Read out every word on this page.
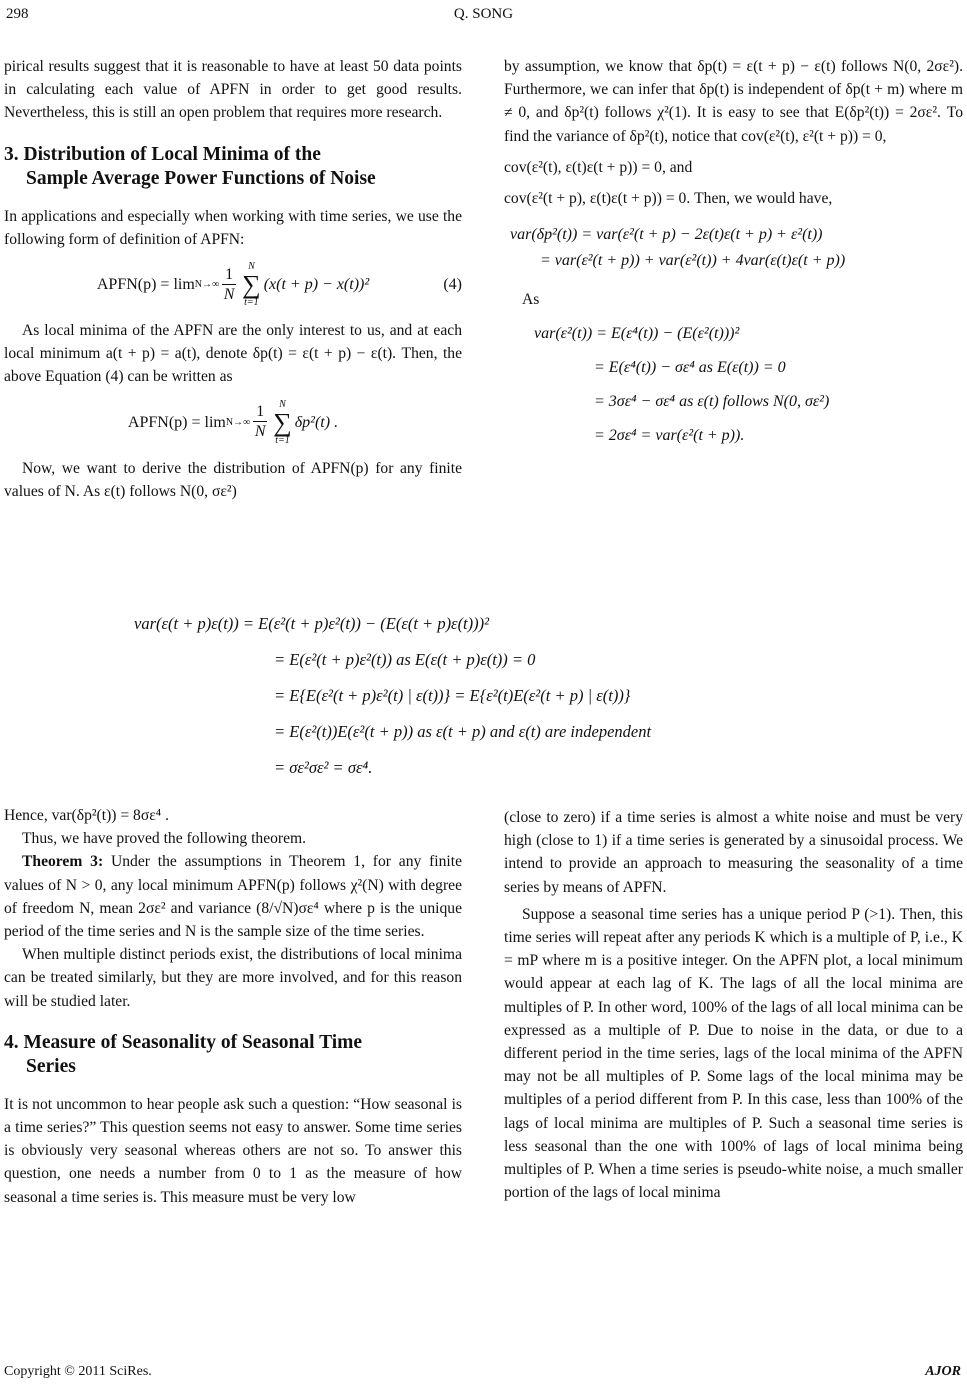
298	Q. SONG

pirical results suggest that it is reasonable to have at least 50 data points in calculating each value of APFN in order to get good results. Nevertheless, this is still an open problem that requires more research.

3. Distribution of Local Minima of the
Sample Average Power Functions of Noise

In applications and especially when working with time series, we use the following form of definition of APFN:

APFN(p) = $\lim N\to\infty \frac{1}{N}$ N
∑
t=1
(x(t + p) − x(t))²	(4)

As local minima of the APFN are the only interest to us, and at each local minimum a(t + p) = a(t), denote δp(t) = ε(t + p) − ε(t). Then, the above Equation (4) can be written as

APFN(p) = $\lim N\to\infty \frac{1}{N}$ N
∑
t=1
δp²(t) .

Now, we want to derive the distribution of APFN(p) for any finite values of N. As ε(t) follows N(0, σε²)

by assumption, we know that δp(t) = ε(t + p) − ε(t) follows N(0, 2σε²). Furthermore, we can infer that δp(t) is independent of δp(t + m) where m ≠ 0, and δp²(t) follows χ²(1). It is easy to see that E(δp²(t)) = 2σε². To find the variance of δp²(t), notice that cov(ε²(t), ε²(t + p)) = 0,

cov(ε²(t), ε(t)ε(t + p)) = 0, and

cov(ε²(t + p), ε(t)ε(t + p)) = 0. Then, we would have,

var(δp²(t)) = var(ε²(t + p) − 2ε(t)ε(t + p) + ε²(t))
= var(ε²(t + p)) + var(ε²(t)) + 4var(ε(t)ε(t + p))

As

var(ε²(t)) = E(ε⁴(t)) − (E(ε²(t)))²
= E(ε⁴(t)) − σε⁴ as E(ε(t)) = 0
= 3σε⁴ − σε⁴ as ε(t) follows N(0, σε²)
= 2σε⁴ = var(ε²(t + p)).
var(ε(t + p)ε(t)) = E(ε²(t + p)ε²(t)) − (E(ε(t + p)ε(t)))²
= E(ε²(t + p)ε²(t)) as E(ε(t + p)ε(t)) = 0
= E{E(ε²(t + p)ε²(t) | ε(t))} = E{ε²(t)E(ε²(t + p) | ε(t))}
= E(ε²(t))E(ε²(t + p)) as ε(t + p) and ε(t) are independent
= σε²σε² = σε⁴.

Hence, var(δp²(t)) = 8σε⁴ .

Thus, we have proved the following theorem.

Theorem 3: Under the assumptions in Theorem 1, for any finite values of N > 0, any local minimum APFN(p) follows χ²(N) with degree of freedom N, mean 2σε² and variance (8/√N)σε⁴ where p is the unique period of the time series and N is the sample size of the time series.

When multiple distinct periods exist, the distributions of local minima can be treated similarly, but they are more involved, and for this reason will be studied later.

4. Measure of Seasonality of Seasonal Time
Series

It is not uncommon to hear people ask such a question: “How seasonal is a time series?” This question seems not easy to answer. Some time series is obviously very seasonal whereas others are not so. To answer this question, one needs a number from 0 to 1 as the measure of how seasonal a time series is. This measure must be very low

(close to zero) if a time series is almost a white noise and must be very high (close to 1) if a time series is generated by a sinusoidal process. We intend to provide an approach to measuring the seasonality of a time series by means of APFN.

Suppose a seasonal time series has a unique period P (>1). Then, this time series will repeat after any periods K which is a multiple of P, i.e., K = mP where m is a positive integer. On the APFN plot, a local minimum would appear at each lag of K. The lags of all the local minima are multiples of P. In other word, 100% of the lags of all local minima can be expressed as a multiple of P. Due to noise in the data, or due to a different period in the time series, lags of the local minima of the APFN may not be all multiples of P. Some lags of the local minima may be multiples of a period different from P. In this case, less than 100% of the lags of local minima are multiples of P. Such a seasonal time series is less seasonal than the one with 100% of lags of local minima being multiples of P. When a time series is pseudo-white noise, a much smaller portion of the lags of local minima

Copyright © 2011 SciRes.	AJOR
